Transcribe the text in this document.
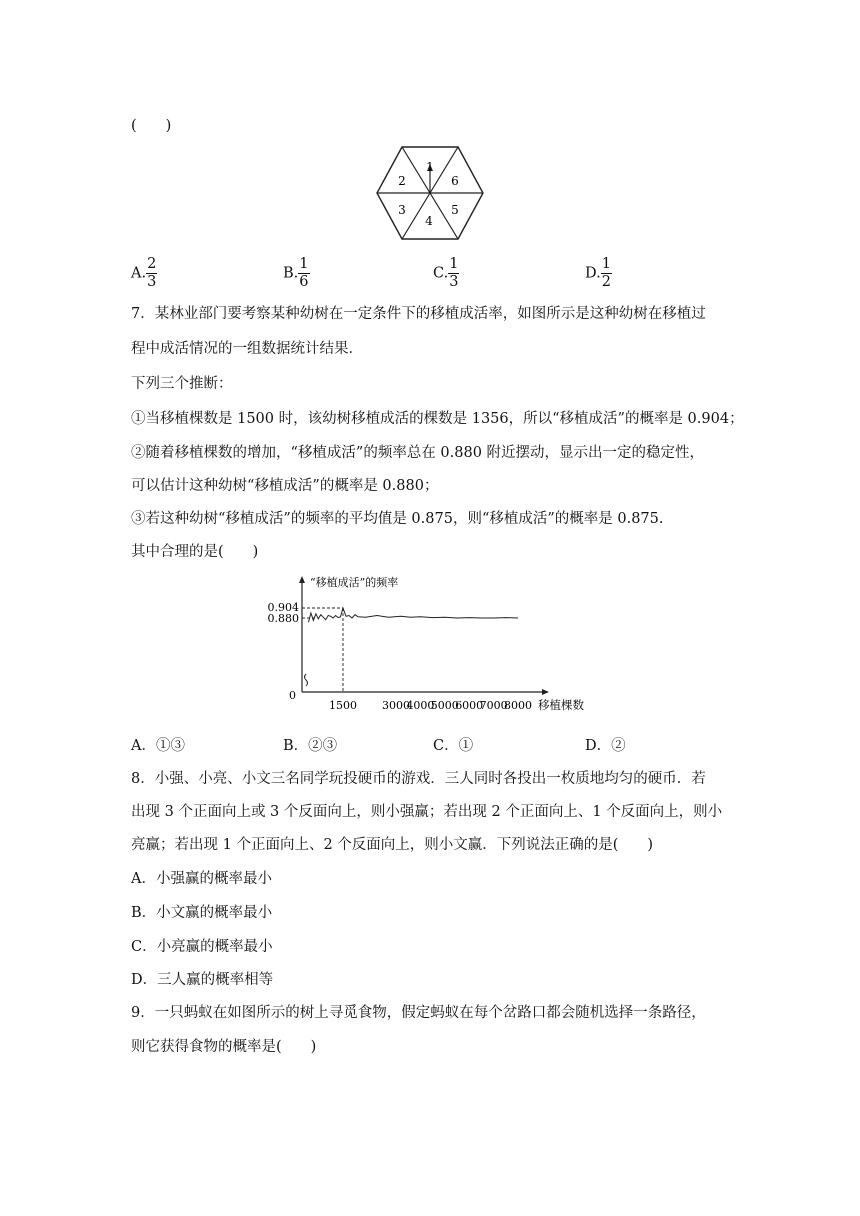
(　　)
1
2
3
4
5
6
A. $\frac{2}{3}$	B. $\frac{1}{6}$	C. $\frac{1}{3}$	D. $\frac{1}{2}$
7．某林业部门要考察某种幼树在一定条件下的移植成活率，如图所示是这种幼树在移植过
程中成活情况的一组数据统计结果．
下列三个推断：
①当移植棵数是 1500 时，该幼树移植成活的棵数是 1356，所以“移植成活”的概率是 0.904；
②随着移植棵数的增加，“移植成活”的频率总在 0.880 附近摆动，显示出一定的稳定性，
可以估计这种幼树“移植成活”的概率是 0.880；
③若这种幼树“移植成活”的频率的平均值是 0.875，则“移植成活”的概率是 0.875.
其中合理的是(　　)
“移植成活”的频率
移植棵数
0
0.904
0.880
1500 3000
4000
5000
6000
7000
8000
A．①③	B．②③	C．①	D．②
8．小强、小亮、小文三名同学玩投硬币的游戏．三人同时各投出一枚质地均匀的硬币．若
出现 3 个正面向上或 3 个反面向上，则小强赢；若出现 2 个正面向上、1 个反面向上，则小
亮赢；若出现 1 个正面向上、2 个反面向上，则小文赢．下列说法正确的是(　　)
A．小强赢的概率最小
B．小文赢的概率最小
C．小亮赢的概率最小
D．三人赢的概率相等
9．一只蚂蚁在如图所示的树上寻觅食物，假定蚂蚁在每个岔路口都会随机选择一条路径，
则它获得食物的概率是(　　)
